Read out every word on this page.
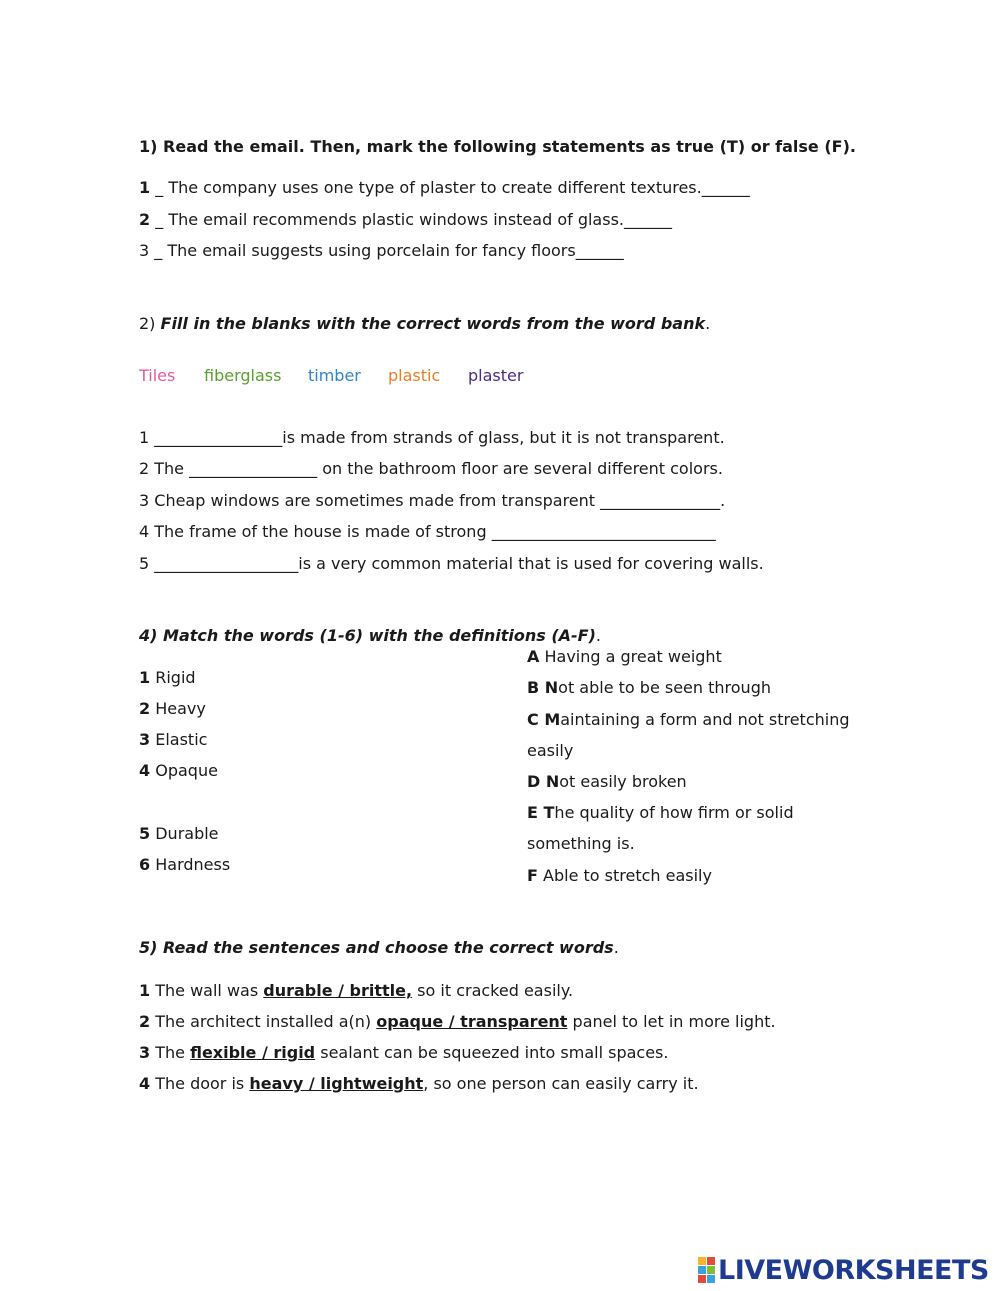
1) Read the email. Then, mark the following statements as true (T) or false (F).
1 _ The company uses one type of plaster to create different textures.______
2 _ The email recommends plastic windows instead of glass.______
3 _ The email suggests using porcelain for fancy floors______
2) Fill in the blanks with the correct words from the word bank.
Tiles fiberglass timber plastic plaster
1 ________________is made from strands of glass, but it is not transparent.
2 The ________________ on the bathroom floor are several different colors.
3 Cheap windows are sometimes made from transparent _______________.
4 The frame of the house is made of strong ____________________________
5 __________________is a very common material that is used for covering walls.
4) Match the words (1-6) with the definitions (A-F).
1 Rigid
2 Heavy
3 Elastic
4 Opaque
5 Durable
6 Hardness
A Having a great weight
B Not able to be seen through
C Maintaining a form and not stretching
easily
D Not easily broken
E The quality of how firm or solid
something is.
F Able to stretch easily
5) Read the sentences and choose the correct words.
1 The wall was durable / brittle, so it cracked easily.
2 The architect installed a(n) opaque / transparent panel to let in more light.
3 The flexible / rigid sealant can be squeezed into small spaces.
4 The door is heavy / lightweight, so one person can easily carry it.
LIVEWORKSHEETS
